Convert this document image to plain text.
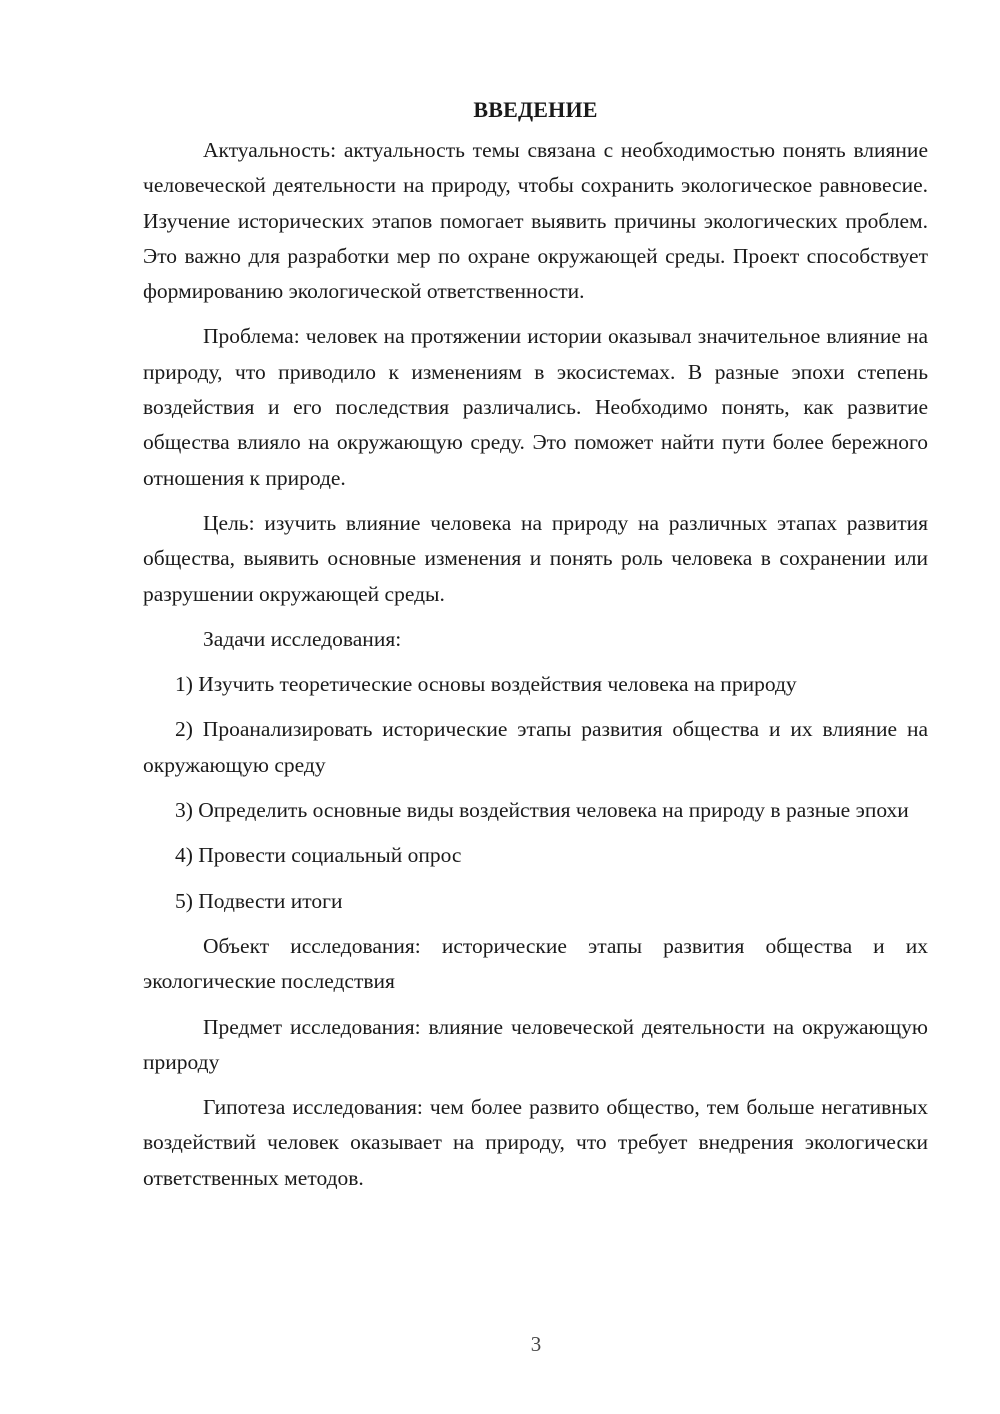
ВВЕДЕНИЕ

Актуальность: актуальность темы связана с необходимостью понять влияние человеческой деятельности на природу, чтобы сохранить экологическое равновесие. Изучение исторических этапов помогает выявить причины экологических проблем. Это важно для разработки мер по охране окружающей среды. Проект способствует формированию экологической ответственности.

Проблема: человек на протяжении истории оказывал значительное влияние на природу, что приводило к изменениям в экосистемах. В разные эпохи степень воздействия и его последствия различались. Необходимо понять, как развитие общества влияло на окружающую среду. Это поможет найти пути более бережного отношения к природе.

Цель: изучить влияние человека на природу на различных этапах развития общества, выявить основные изменения и понять роль человека в сохранении или разрушении окружающей среды.

Задачи исследования:

1) Изучить теоретические основы воздействия человека на природу

2) Проанализировать исторические этапы развития общества и их влияние на окружающую среду

3) Определить основные виды воздействия человека на природу в разные эпохи

4) Провести социальный опрос

5) Подвести итоги

Объект исследования: исторические этапы развития общества и их экологические последствия

Предмет исследования: влияние человеческой деятельности на окружающую природу

Гипотеза исследования: чем более развито общество, тем больше негативных воздействий человек оказывает на природу, что требует внедрения экологически ответственных методов.

3
